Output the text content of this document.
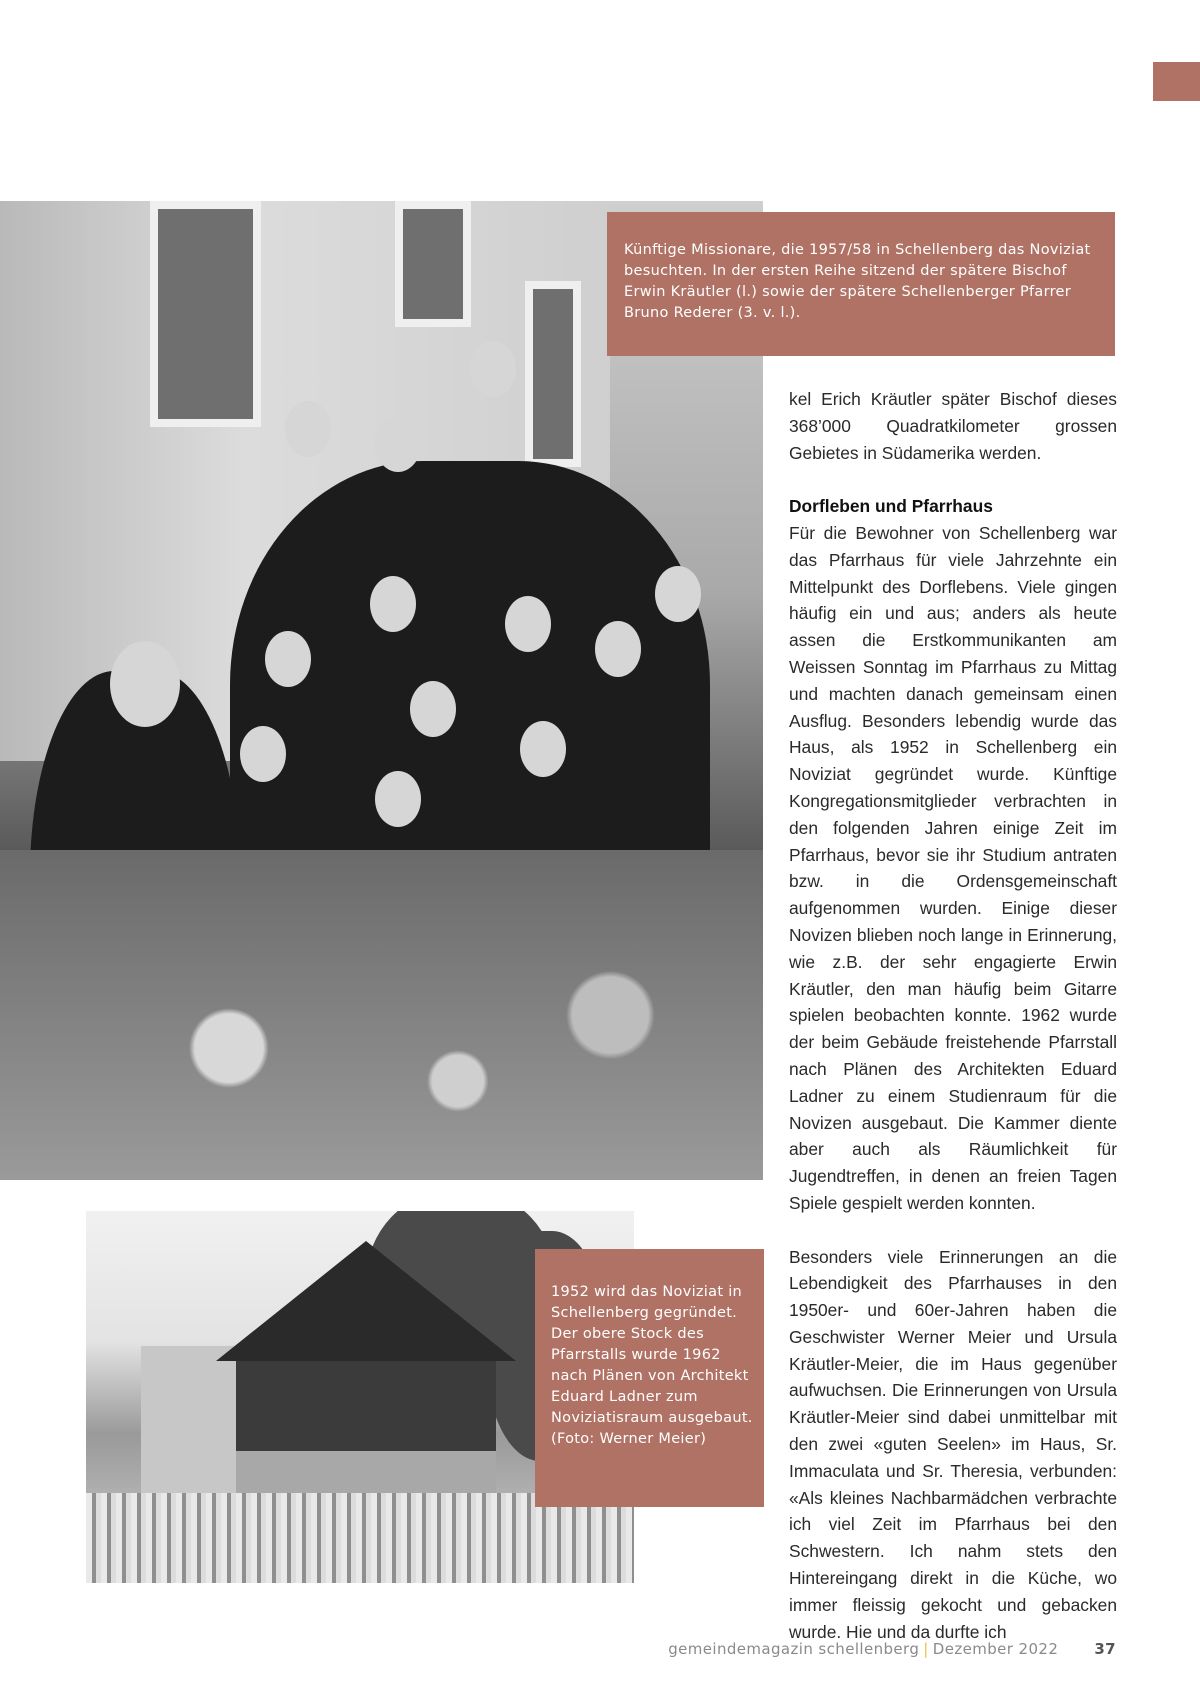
Künftige Missionare, die 1957/58 in Schellenberg das Noviziat besuchten. In der ersten Reihe sitzend der spätere Bischof Erwin Kräutler (l.) sowie der spätere Schellenberger Pfarrer Bruno Rederer (3. v. l.).
1952 wird das Noviziat in Schellenberg gegründet. Der obere Stock des Pfarrstalls wurde 1962 nach Plänen von Architekt Eduard Ladner zum Noviziatisraum ausgebaut.
(Foto: Werner Meier)

kel Erich Kräutler später Bischof dieses 368’000 Quadratkilometer grossen Gebietes in Südamerika werden.

Dorfleben und Pfarrhaus

Für die Bewohner von Schellenberg war das Pfarrhaus für viele Jahrzehnte ein Mittelpunkt des Dorflebens. Viele gingen häufig ein und aus; anders als heute assen die Erstkommunikanten am Weissen Sonntag im Pfarrhaus zu Mittag und machten danach gemeinsam einen Ausflug. Besonders lebendig wurde das Haus, als 1952 in Schellenberg ein Noviziat gegründet wurde. Künftige Kongregationsmitglieder verbrachten in den folgenden Jahren einige Zeit im Pfarrhaus, bevor sie ihr Studium antraten bzw. in die Ordensgemeinschaft aufgenommen wurden. Einige dieser Novizen blieben noch lange in Erinnerung, wie z.B. der sehr engagierte Erwin Kräutler, den man häufig beim Gitarre spielen beobachten konnte. 1962 wurde der beim Gebäude freistehende Pfarrstall nach Plänen des Architekten Eduard Ladner zu einem Studienraum für die Novizen ausgebaut. Die Kammer diente aber auch als Räumlichkeit für Jugendtreffen, in denen an freien Tagen Spiele gespielt werden konnten.

Besonders viele Erinnerungen an die Lebendigkeit des Pfarrhauses in den 1950er- und 60er-Jahren haben die Geschwister Werner Meier und Ursula Kräutler-Meier, die im Haus gegenüber aufwuchsen. Die Erinnerungen von Ursula Kräutler-Meier sind dabei unmittelbar mit den zwei «guten Seelen» im Haus, Sr. Immaculata und Sr. Theresia, verbunden: «Als kleines Nachbarmädchen verbrachte ich viel Zeit im Pfarrhaus bei den Schwestern. Ich nahm stets den Hintereingang direkt in die Küche, wo immer fleissig gekocht und gebacken wurde. Hie und da durfte ich

gemeindemagazin schellenberg | Dezember 2022 37
